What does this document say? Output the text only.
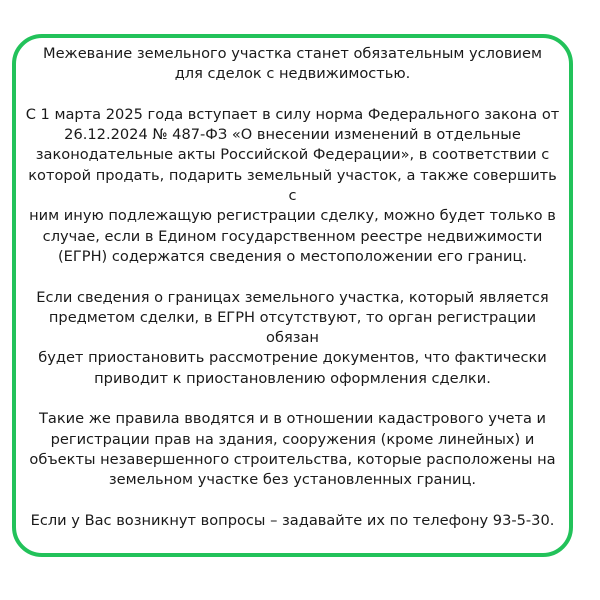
Межевание земельного участка станет обязательным условием
для сделок с недвижимостью.

С 1 марта 2025 года вступает в силу норма Федерального закона от
26.12.2024 № 487-ФЗ «О внесении изменений в отдельные
законодательные акты Российской Федерации», в соответствии с
которой продать, подарить земельный участок, а также совершить с
ним иную подлежащую регистрации сделку, можно будет только в
случае, если в Едином государственном реестре недвижимости
(ЕГРН) содержатся сведения о местоположении его границ.

Если сведения о границах земельного участка, который является
предметом сделки, в ЕГРН отсутствуют, то орган регистрации обязан
будет приостановить рассмотрение документов, что фактически
приводит к приостановлению оформления сделки.

Такие же правила вводятся и в отношении кадастрового учета и
регистрации прав на здания, сооружения (кроме линейных) и
объекты незавершенного строительства, которые расположены на
земельном участке без установленных границ.

Если у Вас возникнут вопросы – задавайте их по телефону 93-5-30.
